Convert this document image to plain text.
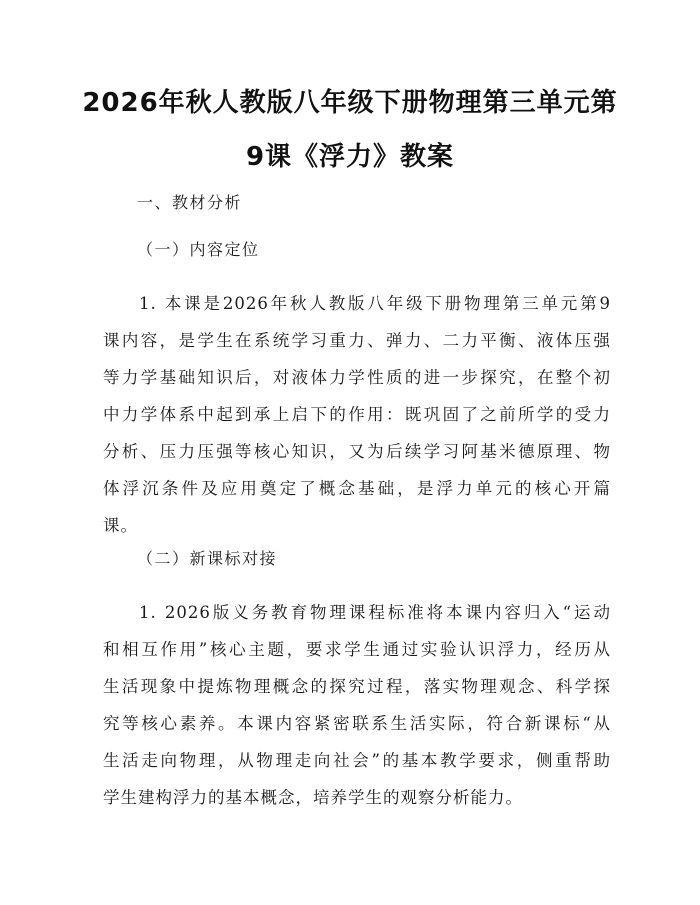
2026年秋人教版八年级下册物理第三单元第
9课《浮力》教案
一、教材分析
（一）内容定位
1. 本课是2026年秋人教版八年级下册物理第三单元第9
课内容，是学生在系统学习重力、弹力、二力平衡、液体压强
等力学基础知识后，对液体力学性质的进一步探究，在整个初
中力学体系中起到承上启下的作用：既巩固了之前所学的受力
分析、压力压强等核心知识，又为后续学习阿基米德原理、物
体浮沉条件及应用奠定了概念基础，是浮力单元的核心开篇
课。
（二）新课标对接
1. 2026版义务教育物理课程标准将本课内容归入“运动
和相互作用”核心主题，要求学生通过实验认识浮力，经历从
生活现象中提炼物理概念的探究过程，落实物理观念、科学探
究等核心素养。本课内容紧密联系生活实际，符合新课标“从
生活走向物理，从物理走向社会”的基本教学要求，侧重帮助
学生建构浮力的基本概念，培养学生的观察分析能力。
